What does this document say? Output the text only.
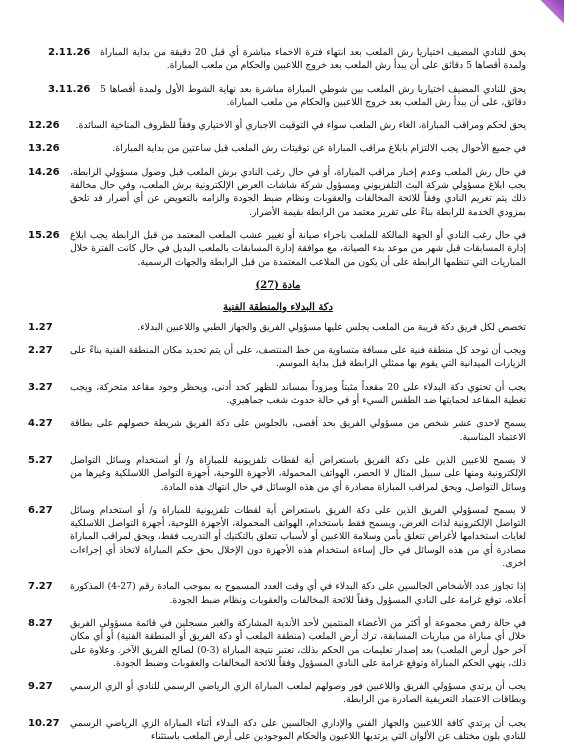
2.11.26 يحق للنادي المضيف اختياريا رش الملعب بعد انتهاء فترة الاحماء مباشرة أي قبل 20 دقيقة من بداية المباراة ولمدة أقصاها 5 دقائق على أن يبدأ رش الملعب بعد خروج اللاعبين والحكام من ملعب المباراة.
3.11.26 يحق للنادي المضيف اختياريا رش الملعب بين شوطي المباراة مباشرة بعد نهاية الشوط الأول ولمدة أقصاها 5 دقائق، على أن يبدأ رش الملعب بعد خروج اللاعبين والحكام من ملعب المباراة.
12.26	يحق لحكم ومراقب المباراة، الغاء رش الملعب سواء في التوقيت الاجباري أو الاختياري وفقاً للظروف المناخية السائدة.
13.26	في جميع الأحوال يجب الالتزام بابلاغ مراقب المباراة عن توقيتات رش الملعب قبل ساعتين من بداية المباراة.
14.26 في حال رش الملعب وعدم إخبار مراقب المباراة، أو في حال رغب النادي برش الملعب قبل وصول مسؤولي الرابطة، يجب ابلاغ مسؤولي شركة البث التلفزيوني ومسؤول شركة شاشات العرض الإلكترونية برش الملعب، وفي حال مخالفة ذلك يتم تغريم النادي وفقاً للائحة المخالفات والعقوبات ونظام ضبط الجودة والزامه بالتعويض عن أي أضرار قد تلحق بمزودي الخدمة للرابطة بناءً على تقرير معتمد من الرابطة بقيمة الأضرار.
15.26 في حال رغب النادي أو الجهة المالكة للملعب باجراء صيانة أو تغيير عشب الملعب المعتمد من قبل الرابطة يجب ابلاغ إدارة المسابقات قبل شهر من موعد بدء الصيانة، مع موافقة إدارة المسابقات بالملعب البديل في حال كانت الفترة خلال المباريات التي تنظمها الرابطة على أن يكون من الملاعب المعتمدة من قبل الرابطة والجهات الرسمية.
مادة (27)
دكة البدلاء والمنطقة الفنية
1.27	تخصص لكل فريق دكة قريبة من الملعب يجلس عليها مسؤولي الفريق والجهاز الطبي واللاعبين البدلاء.
2.27 ويجب أن توجد كل منطقة فنية على مسافة متساوية من خط المنتصف، على أن يتم تحديد مكان المنطقة الفنية بناءً على الزيارات الميدانية التي يقوم بها ممثلي الرابطة قبل بداية الموسم.
3.27 يجب أن تحتوي دكة البدلاء على 20 مقعداً مثبتاً ومزوداً بمساند للظهر كحد أدنى، ويحظر وجود مقاعد متحركة، ويجب تغطية المقاعد لحمايتها ضد الطقس السيء أو في حالة حدوث شغب جماهيري.
4.27 يسمح لاحدى عشر شخص من مسؤولي الفريق بحد أقصى، بالجلوس على دكة الفريق شريطة حصولهم على بطاقة الاعتماد المناسبة.
5.27 لا يسمح للاعبين الذين على دكة الفريق باستعراض أية لقطات تلفزيونية للمباراة و/ أو استخدام وسائل التواصل الإلكترونية ومنها على سبيل المثال لا الحصر، الهواتف المحمولة، الأجهزة اللوحية، أجهزة التواصل اللاسلكية وغيرها من وسائل التواصل، ويحق لمراقب المباراة مصادرة أي من هذه الوسائل في حال انتهاك هذه المادة.
6.27 لا يسمح لمسؤولي الفريق الذين على دكة الفريق باستعراض أية لقطات تلفزيونية للمباراة و/ أو استخدام وسائل التواصل الإلكترونية لذات الغرض، ويسمح فقط باستخدام، الهواتف المحمولة، الأجهزة اللوحية، أجهزة التواصل اللاسلكية لغايات استخدامها لأغراض تتعلق بأمن وسلامة اللاعبين أو لأسباب تتعلق بالتكتيك أو التدريب فقط، ويحق لمراقب المباراة مصادرة أي من هذه الوسائل في حال إساءة استخدام هذه الأجهزة دون الإخلال بحق حكم المباراة لاتخاذ أي إجراءات اخرى.
7.27 إذا تجاوز عدد الأشخاص الجالسين على دكة البدلاء في أي وقت العدد المسموح به بموجب المادة رقم (27-4) المذكورة أعلاه، توقع غرامة على النادي المسؤول وفقاً للائحة المخالفات والعقوبات ونظام ضبط الجودة.
8.27 في حالة رفض مجموعة أو أكثر من الأعضاء المنتمين لأحد الأندية المشاركة والغير مسجلين في قائمة مسؤولي الفريق خلال أي مباراة من مباريات المسابقة، ترك أرض الملعب (منطقة الملعب أو دكة الفريق أو المنطقة الفنية) أو أي مكان آخر حول أرض الملعب) بعد إصدار تعليمات من الحكم بذلك، تعتبر نتيجة المباراة (3-0) لصالح الفريق الآخر. وعلاوة على ذلك، ينهي الحكم المباراة وتوقع غرامة على النادي المسؤول وفقاً للائحة المخالفات والعقوبات وضبط الجودة.
9.27 يجب أن يرتدي مسؤولي الفريق واللاعبين فور وصولهم لملعب المباراة الزي الرياضي الرسمي للنادي أو الزي الرسمي وبطاقات الاعتماد التعريفية الصادرة من الرابطة.
10.27 يجب أن يرتدي كافة اللاعبين والجهاز الفني والإداري الجالسين على دكة البدلاء أثناء المباراة الزي الرياضي الرسمي للنادي بلون مختلف عن الألوان التي يرتديها اللاعبون والحكام الموجودين على أرض الملعب باستثناء
